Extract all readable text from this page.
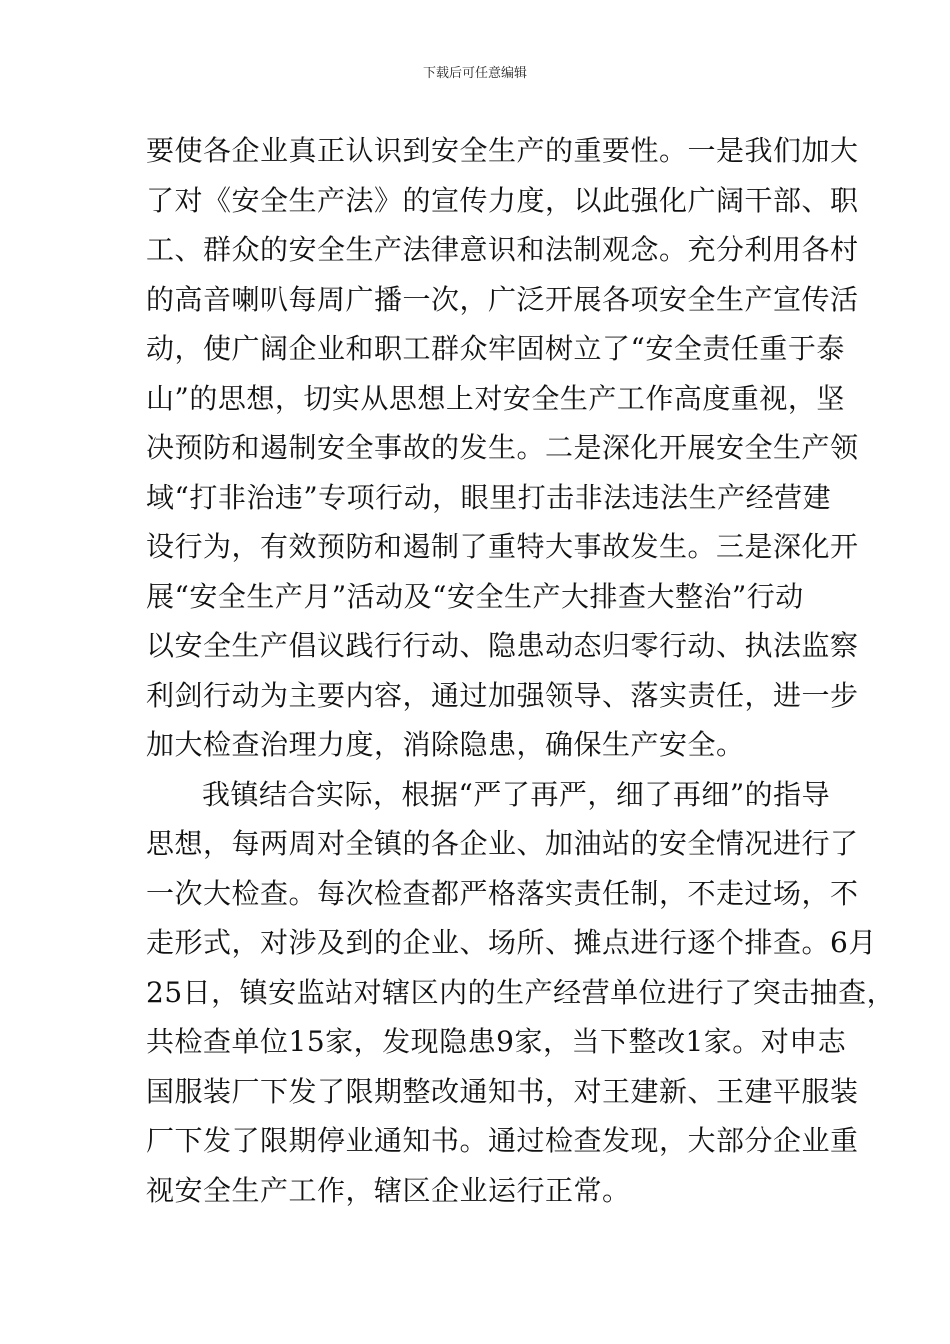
下载后可任意编辑
要使各企业真正认识到安全生产的重要性。一是我们加大
了对《安全生产法》的宣传力度，以此强化广阔干部、职
工、群众的安全生产法律意识和法制观念。充分利用各村
的高音喇叭每周广播一次，广泛开展各项安全生产宣传活
动，使广阔企业和职工群众牢固树立了“安全责任重于泰
山”的思想，切实从思想上对安全生产工作高度重视，坚
决预防和遏制安全事故的发生。二是深化开展安全生产领
域“打非治违”专项行动，眼里打击非法违法生产经营建
设行为，有效预防和遏制了重特大事故发生。三是深化开
展“安全生产月”活动及“安全生产大排查大整治”行动
以安全生产倡议践行行动、隐患动态归零行动、执法监察
利剑行动为主要内容，通过加强领导、落实责任，进一步
加大检查治理力度，消除隐患，确保生产安全。
我镇结合实际，根据“严了再严，细了再细”的指导
思想，每两周对全镇的各企业、加油站的安全情况进行了
一次大检查。每次检查都严格落实责任制，不走过场，不
走形式，对涉及到的企业、场所、摊点进行逐个排查。6月
25日，镇安监站对辖区内的生产经营单位进行了突击抽查，
共检查单位15家，发现隐患9家，当下整改1家。对申志
国服装厂下发了限期整改通知书，对王建新、王建平服装
厂下发了限期停业通知书。通过检查发现，大部分企业重
视安全生产工作，辖区企业运行正常。
